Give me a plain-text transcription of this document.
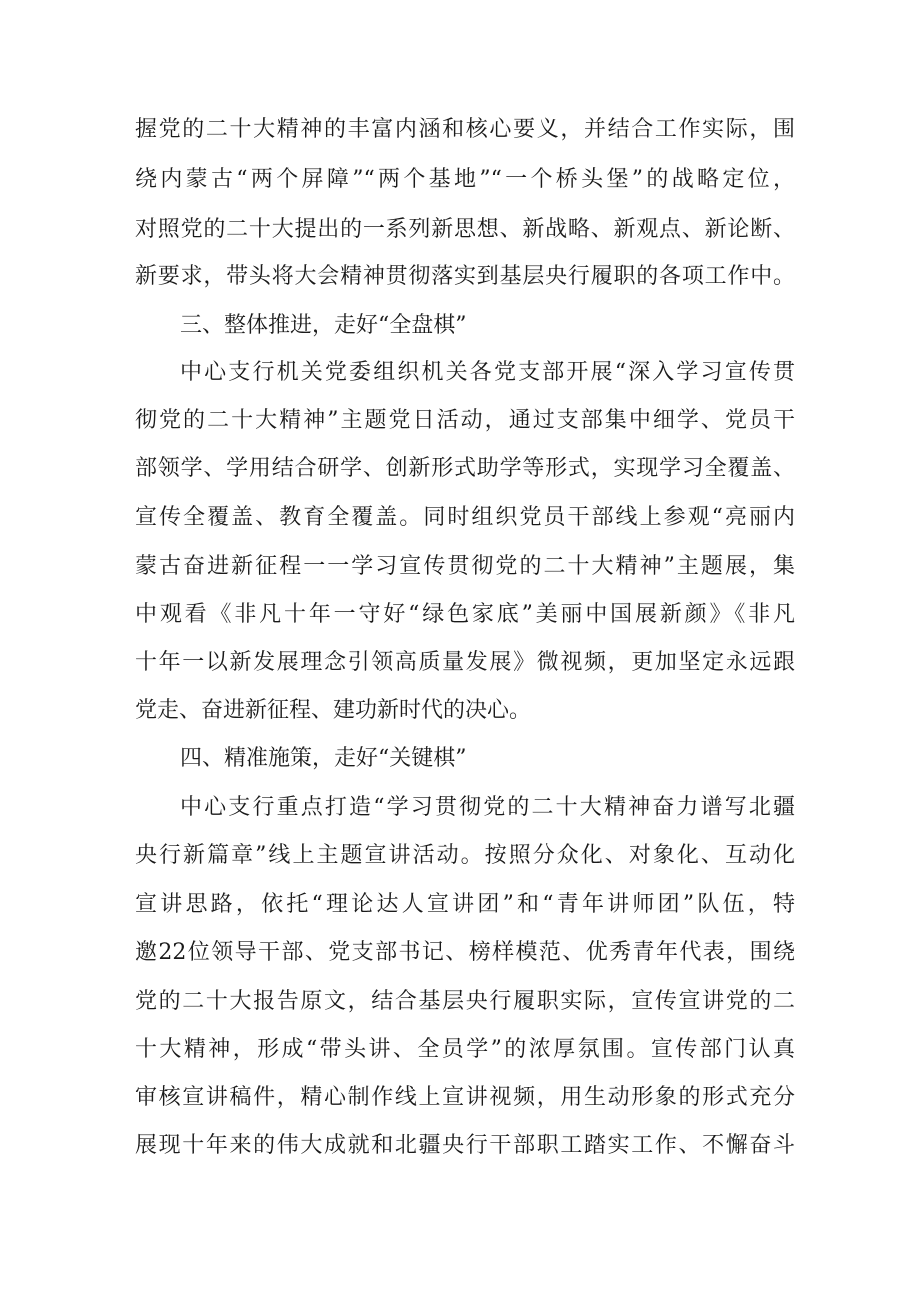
握党的二十大精神的丰富内涵和核心要义，并结合工作实际，围
绕内蒙古“两个屏障”“两个基地”“一个桥头堡”的战略定位，
对照党的二十大提出的一系列新思想、新战略、新观点、新论断、
新要求，带头将大会精神贯彻落实到基层央行履职的各项工作中。
三、整体推进，走好“全盘棋”
中心支行机关党委组织机关各党支部开展“深入学习宣传贯
彻党的二十大精神”主题党日活动，通过支部集中细学、党员干
部领学、学用结合研学、创新形式助学等形式，实现学习全覆盖、
宣传全覆盖、教育全覆盖。同时组织党员干部线上参观“亮丽内
蒙古奋进新征程一一学习宣传贯彻党的二十大精神”主题展，集
中观看《非凡十年一守好“绿色家底”美丽中国展新颜》《非凡
十年一以新发展理念引领高质量发展》微视频，更加坚定永远跟
党走、奋进新征程、建功新时代的决心。
四、精准施策，走好“关键棋”
中心支行重点打造“学习贯彻党的二十大精神奋力谱写北疆
央行新篇章”线上主题宣讲活动。按照分众化、对象化、互动化
宣讲思路，依托“理论达人宣讲团”和“青年讲师团”队伍，特
邀22位领导干部、党支部书记、榜样模范、优秀青年代表，围绕
党的二十大报告原文，结合基层央行履职实际，宣传宣讲党的二
十大精神，形成“带头讲、全员学”的浓厚氛围。宣传部门认真
审核宣讲稿件，精心制作线上宣讲视频，用生动形象的形式充分
展现十年来的伟大成就和北疆央行干部职工踏实工作、不懈奋斗
